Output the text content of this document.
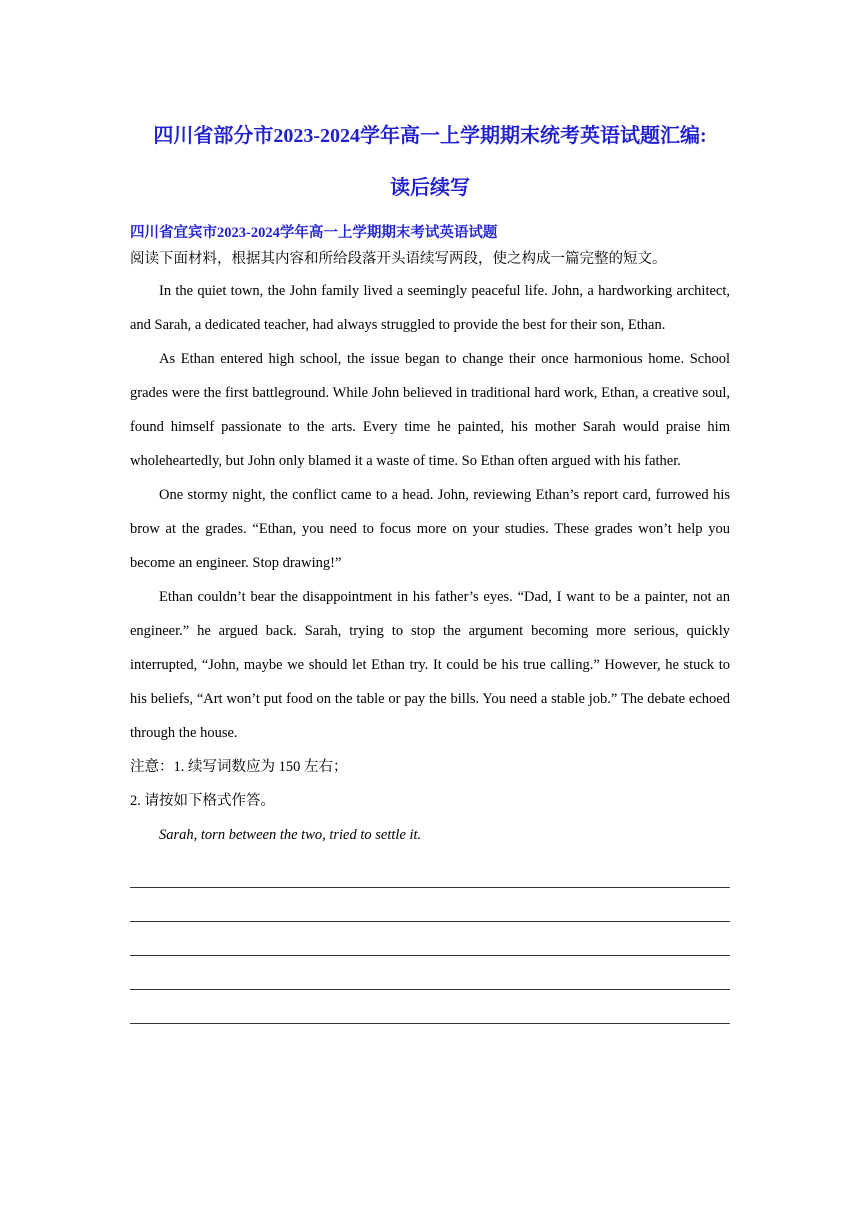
四川省部分市2023-2024学年高一上学期期末统考英语试题汇编:
读后续写
四川省宜宾市2023-2024学年高一上学期期末考试英语试题
阅读下面材料，根据其内容和所给段落开头语续写两段，使之构成一篇完整的短文。

In the quiet town, the John family lived a seemingly peaceful life. John, a hardworking architect, and Sarah, a dedicated teacher, had always struggled to provide the best for their son, Ethan.

As Ethan entered high school, the issue began to change their once harmonious home. School grades were the first battleground. While John believed in traditional hard work, Ethan, a creative soul, found himself passionate to the arts. Every time he painted, his mother Sarah would praise him wholeheartedly, but John only blamed it a waste of time. So Ethan often argued with his father.

One stormy night, the conflict came to a head. John, reviewing Ethan’s report card, furrowed his brow at the grades. “Ethan, you need to focus more on your studies. These grades won’t help you become an engineer. Stop drawing!”

Ethan couldn’t bear the disappointment in his father’s eyes. “Dad, I want to be a painter, not an engineer.” he argued back. Sarah, trying to stop the argument becoming more serious, quickly interrupted, “John, maybe we should let Ethan try. It could be his true calling.” However, he stuck to his beliefs, “Art won’t put food on the table or pay the bills. You need a stable job.” The debate echoed through the house.

注意：1. 续写词数应为 150 左右；

2. 请按如下格式作答。

Sarah, torn between the two, tried to settle it.
